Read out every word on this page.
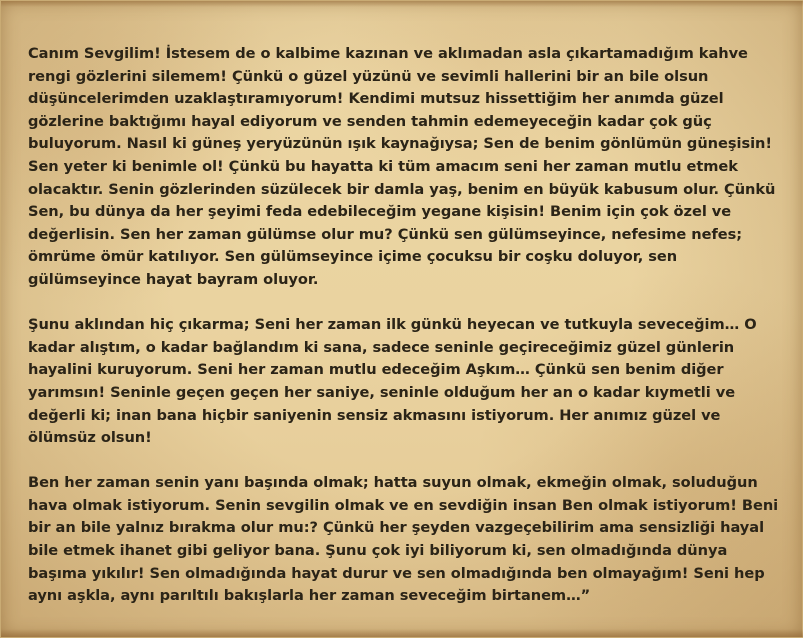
Canım Sevgilim! İstesem de o kalbime kazınan ve aklımadan asla çıkartamadığım kahve rengi gözlerini silemem! Çünkü o güzel yüzünü ve sevimli hallerini bir an bile olsun düşüncelerimden uzaklaştıramıyorum! Kendimi mutsuz hissettiğim her anımda güzel gözlerine baktığımı hayal ediyorum ve senden tahmin edemeyeceğin kadar çok güç buluyorum. Nasıl ki güneş yeryüzünün ışık kaynağıysa; Sen de benim gönlümün güneşisin! Sen yeter ki benimle ol! Çünkü bu hayatta ki tüm amacım seni her zaman mutlu etmek olacaktır. Senin gözlerinden süzülecek bir damla yaş, benim en büyük kabusum olur. Çünkü Sen, bu dünya da her şeyimi feda edebileceğim yegane kişisin! Benim için çok özel ve değerlisin. Sen her zaman gülümse olur mu? Çünkü sen gülümseyince, nefesime nefes; ömrüme ömür katılıyor. Sen gülümseyince içime çocuksu bir coşku doluyor, sen gülümseyince hayat bayram oluyor.

Şunu aklından hiç çıkarma; Seni her zaman ilk günkü heyecan ve tutkuyla seveceğim… O kadar alıştım, o kadar bağlandım ki sana, sadece seninle geçireceğimiz güzel günlerin hayalini kuruyorum. Seni her zaman mutlu edeceğim Aşkım… Çünkü sen benim diğer yarımsın! Seninle geçen geçen her saniye, seninle olduğum her an o kadar kıymetli ve değerli ki; inan bana hiçbir saniyenin sensiz akmasını istiyorum. Her anımız güzel ve ölümsüz olsun!

Ben her zaman senin yanı başında olmak; hatta suyun olmak, ekmeğin olmak, soluduğun hava olmak istiyorum. Senin sevgilin olmak ve en sevdiğin insan Ben olmak istiyorum! Beni bir an bile yalnız bırakma olur mu:? Çünkü her şeyden vazgeçebilirim ama sensizliği hayal bile etmek ihanet gibi geliyor bana. Şunu çok iyi biliyorum ki, sen olmadığında dünya başıma yıkılır! Sen olmadığında hayat durur ve sen olmadığında ben olmayağım! Seni hep aynı aşkla, aynı parıltılı bakışlarla her zaman seveceğim birtanem…”
